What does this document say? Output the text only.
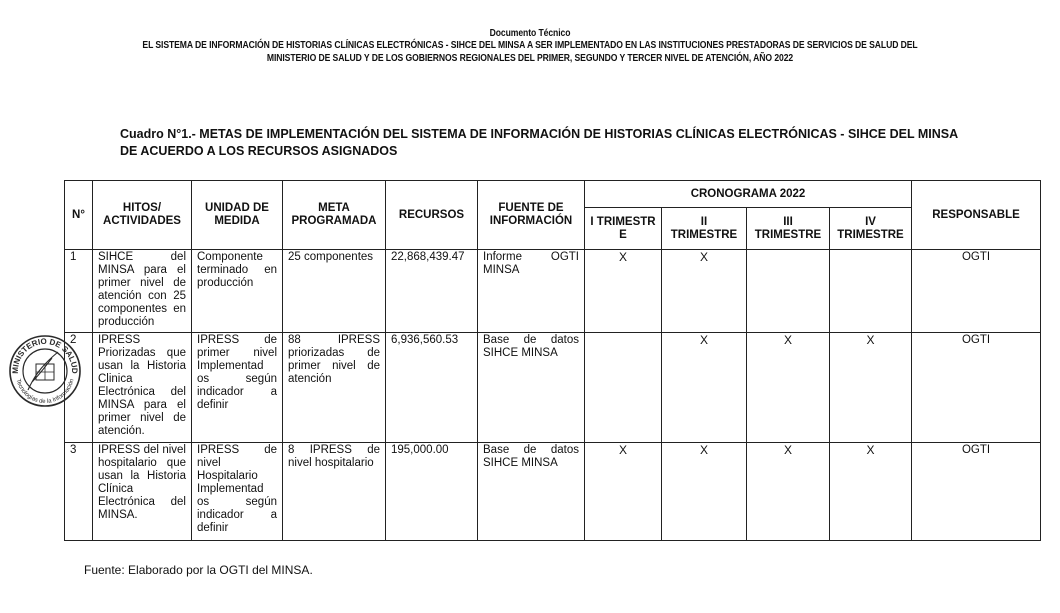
Documento Técnico
EL SISTEMA DE INFORMACIÓN DE HISTORIAS CLÍNICAS ELECTRÓNICAS - SIHCE DEL MINSA A SER IMPLEMENTADO EN LAS INSTITUCIONES PRESTADORAS DE SERVICIOS DE SALUD DEL
MINISTERIO DE SALUD Y DE LOS GOBIERNOS REGIONALES DEL PRIMER, SEGUNDO Y TERCER NIVEL DE ATENCIÓN, AÑO 2022
Cuadro N°1.- METAS DE IMPLEMENTACIÓN DEL SISTEMA DE INFORMACIÓN DE HISTORIAS CLÍNICAS ELECTRÓNICAS - SIHCE DEL MINSA
DE ACUERDO A LOS RECURSOS ASIGNADOS
N°	HITOS/ ACTIVIDADES	UNIDAD DE MEDIDA	META PROGRAMADA	RECURSOS	FUENTE DE INFORMACIÓN	CRONOGRAMA 2022				RESPONSABLE
						I TRIMESTR E	II TRIMESTRE	III TRIMESTRE	IV TRIMESTRE	
1	SIHCE del MINSA para el primer nivel de atención con 25 componentes en producción	Componente terminado en producción	25 componentes	22,868,439.47	Informe OGTI MINSA	X	X			OGTI
2	IPRESS Priorizadas que usan la Historia Clinica Electrónica del MINSA para el primer nivel de atención.	IPRESS de primer nivel Implementad os según indicador a definir	88 IPRESS priorizadas de primer nivel de atención	6,936,560.53	Base de datos SIHCE MINSA		X	X	X	OGTI
3	IPRESS del nivel hospitalario que usan la Historia Clínica Electrónica del MINSA.	IPRESS de nivel Hospitalario Implementad os según indicador a definir	8 IPRESS de nivel hospitalario	195,000.00	Base de datos SIHCE MINSA	X	X	X	X	OGTI
MINISTERIO DE SALUD
Tecnologías de la Información
Fuente: Elaborado por la OGTI del MINSA.
